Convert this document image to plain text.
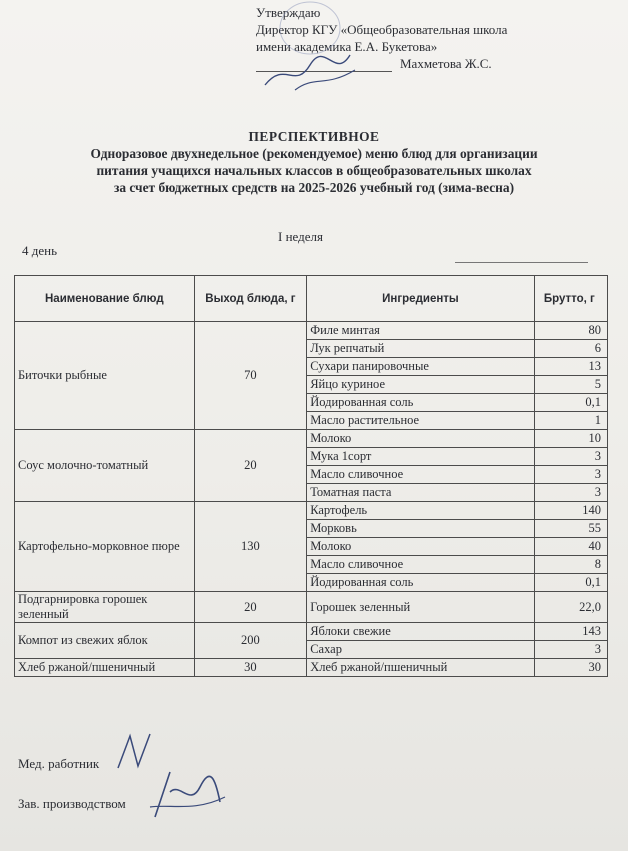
Утверждаю
Директор КГУ «Общеобразовательная школа
имени академика Е.А. Букетова»
Махметова Ж.С.
ПЕРСПЕКТИВНОЕ
Одноразовое двухнедельное (рекомендуемое) меню блюд для организации
питания учащихся начальных классов в общеобразовательных школах
за счет бюджетных средств на 2025-2026 учебный год (зима-весна)
I неделя
4 день
Наименование блюд	Выход блюда, г	Ингредиенты	Брутто, г
Биточки рыбные	70	Филе минтая	80
		Лук репчатый	6
		Сухари панировочные	13
		Яйцо куриное	5
		Йодированная соль	0,1
		Масло растительное	1
Соус молочно-томатный	20	Молоко	10
		Мука 1сорт	3
		Масло сливочное	3
		Томатная паста	3
Картофельно-морковное пюре	130	Картофель	140
		Морковь	55
		Молоко	40
		Масло сливочное	8
		Йодированная соль	0,1
Подгарнировка горошек зеленный	20	Горошек зеленный	22,0
Компот из свежих яблок	200	Яблоки свежие	143
		Сахар	3
Хлеб ржаной/пшеничный	30	Хлеб ржаной/пшеничный	30
Мед. работник
Зав. производством
